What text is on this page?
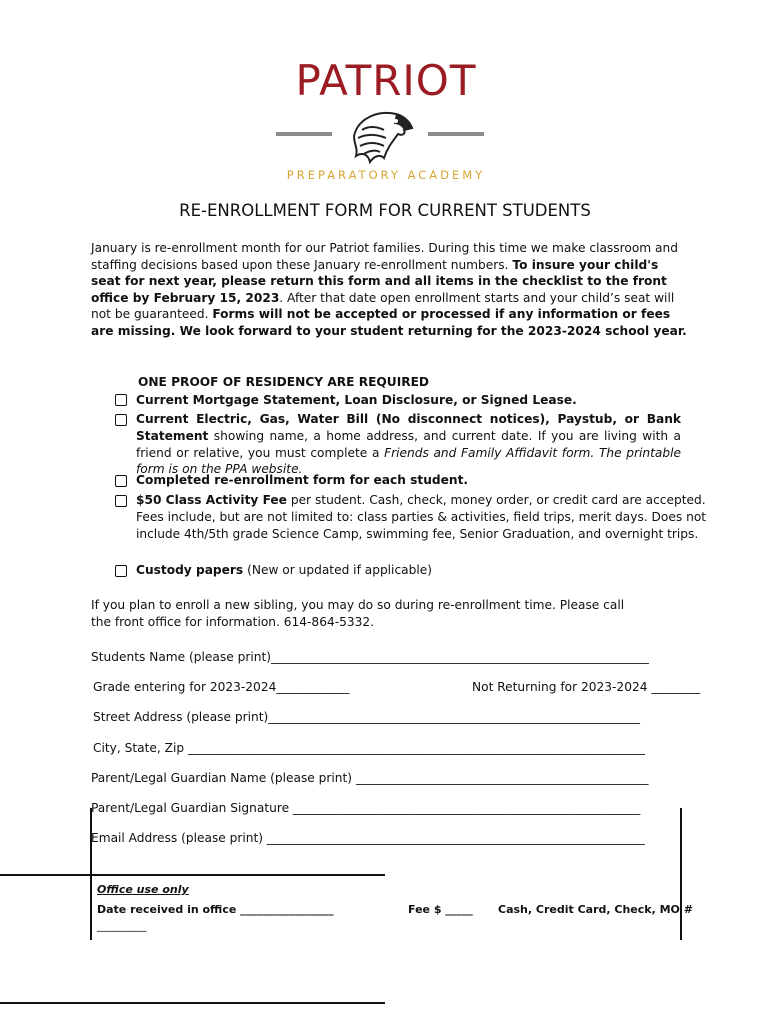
PATRIOT
PREPARATORY ACADEMY
RE-ENROLLMENT FORM FOR CURRENT STUDENTS
January is re-enrollment month for our Patriot families. During this time we make classroom and staffing decisions based upon these January re-enrollment numbers. To insure your child's seat for next year, please return this form and all items in the checklist to the front office by February 15, 2023. After that date open enrollment starts and your child’s seat will not be guaranteed. Forms will not be accepted or processed if any information or fees are missing. We look forward to your student returning for the 2023-2024 school year.
ONE PROOF OF RESIDENCY ARE REQUIRED
Current Mortgage Statement, Loan Disclosure, or Signed Lease.
Current Electric, Gas, Water Bill (No disconnect notices), Paystub, or Bank Statement showing name, a home address, and current date. If you are living with a friend or relative, you must complete a Friends and Family Affidavit form. The printable form is on the PPA website.
Completed re-enrollment form for each student.
$50 Class Activity Fee per student. Cash, check, money order, or credit card are accepted. Fees include, but are not limited to: class parties & activities, field trips, merit days. Does not include 4th/5th grade Science Camp, swimming fee, Senior Graduation, and overnight trips.
Custody papers (New or updated if applicable)
If you plan to enroll a new sibling, you may do so during re-enrollment time. Please call the front office for information. 614-864-5332.
Students Name (please print)______________________________________________________________
Grade entering for 2023-2024____________	Not Returning for 2023-2024 ________
Street Address (please print)_____________________________________________________________
City, State, Zip ___________________________________________________________________________
Parent/Legal Guardian Name (please print) ________________________________________________
Parent/Legal Guardian Signature _________________________________________________________
Email Address (please print) ______________________________________________________________
Office use only
Date received in office _________________
_________
Fee $ _____ Cash, Credit Card, Check, MO #
